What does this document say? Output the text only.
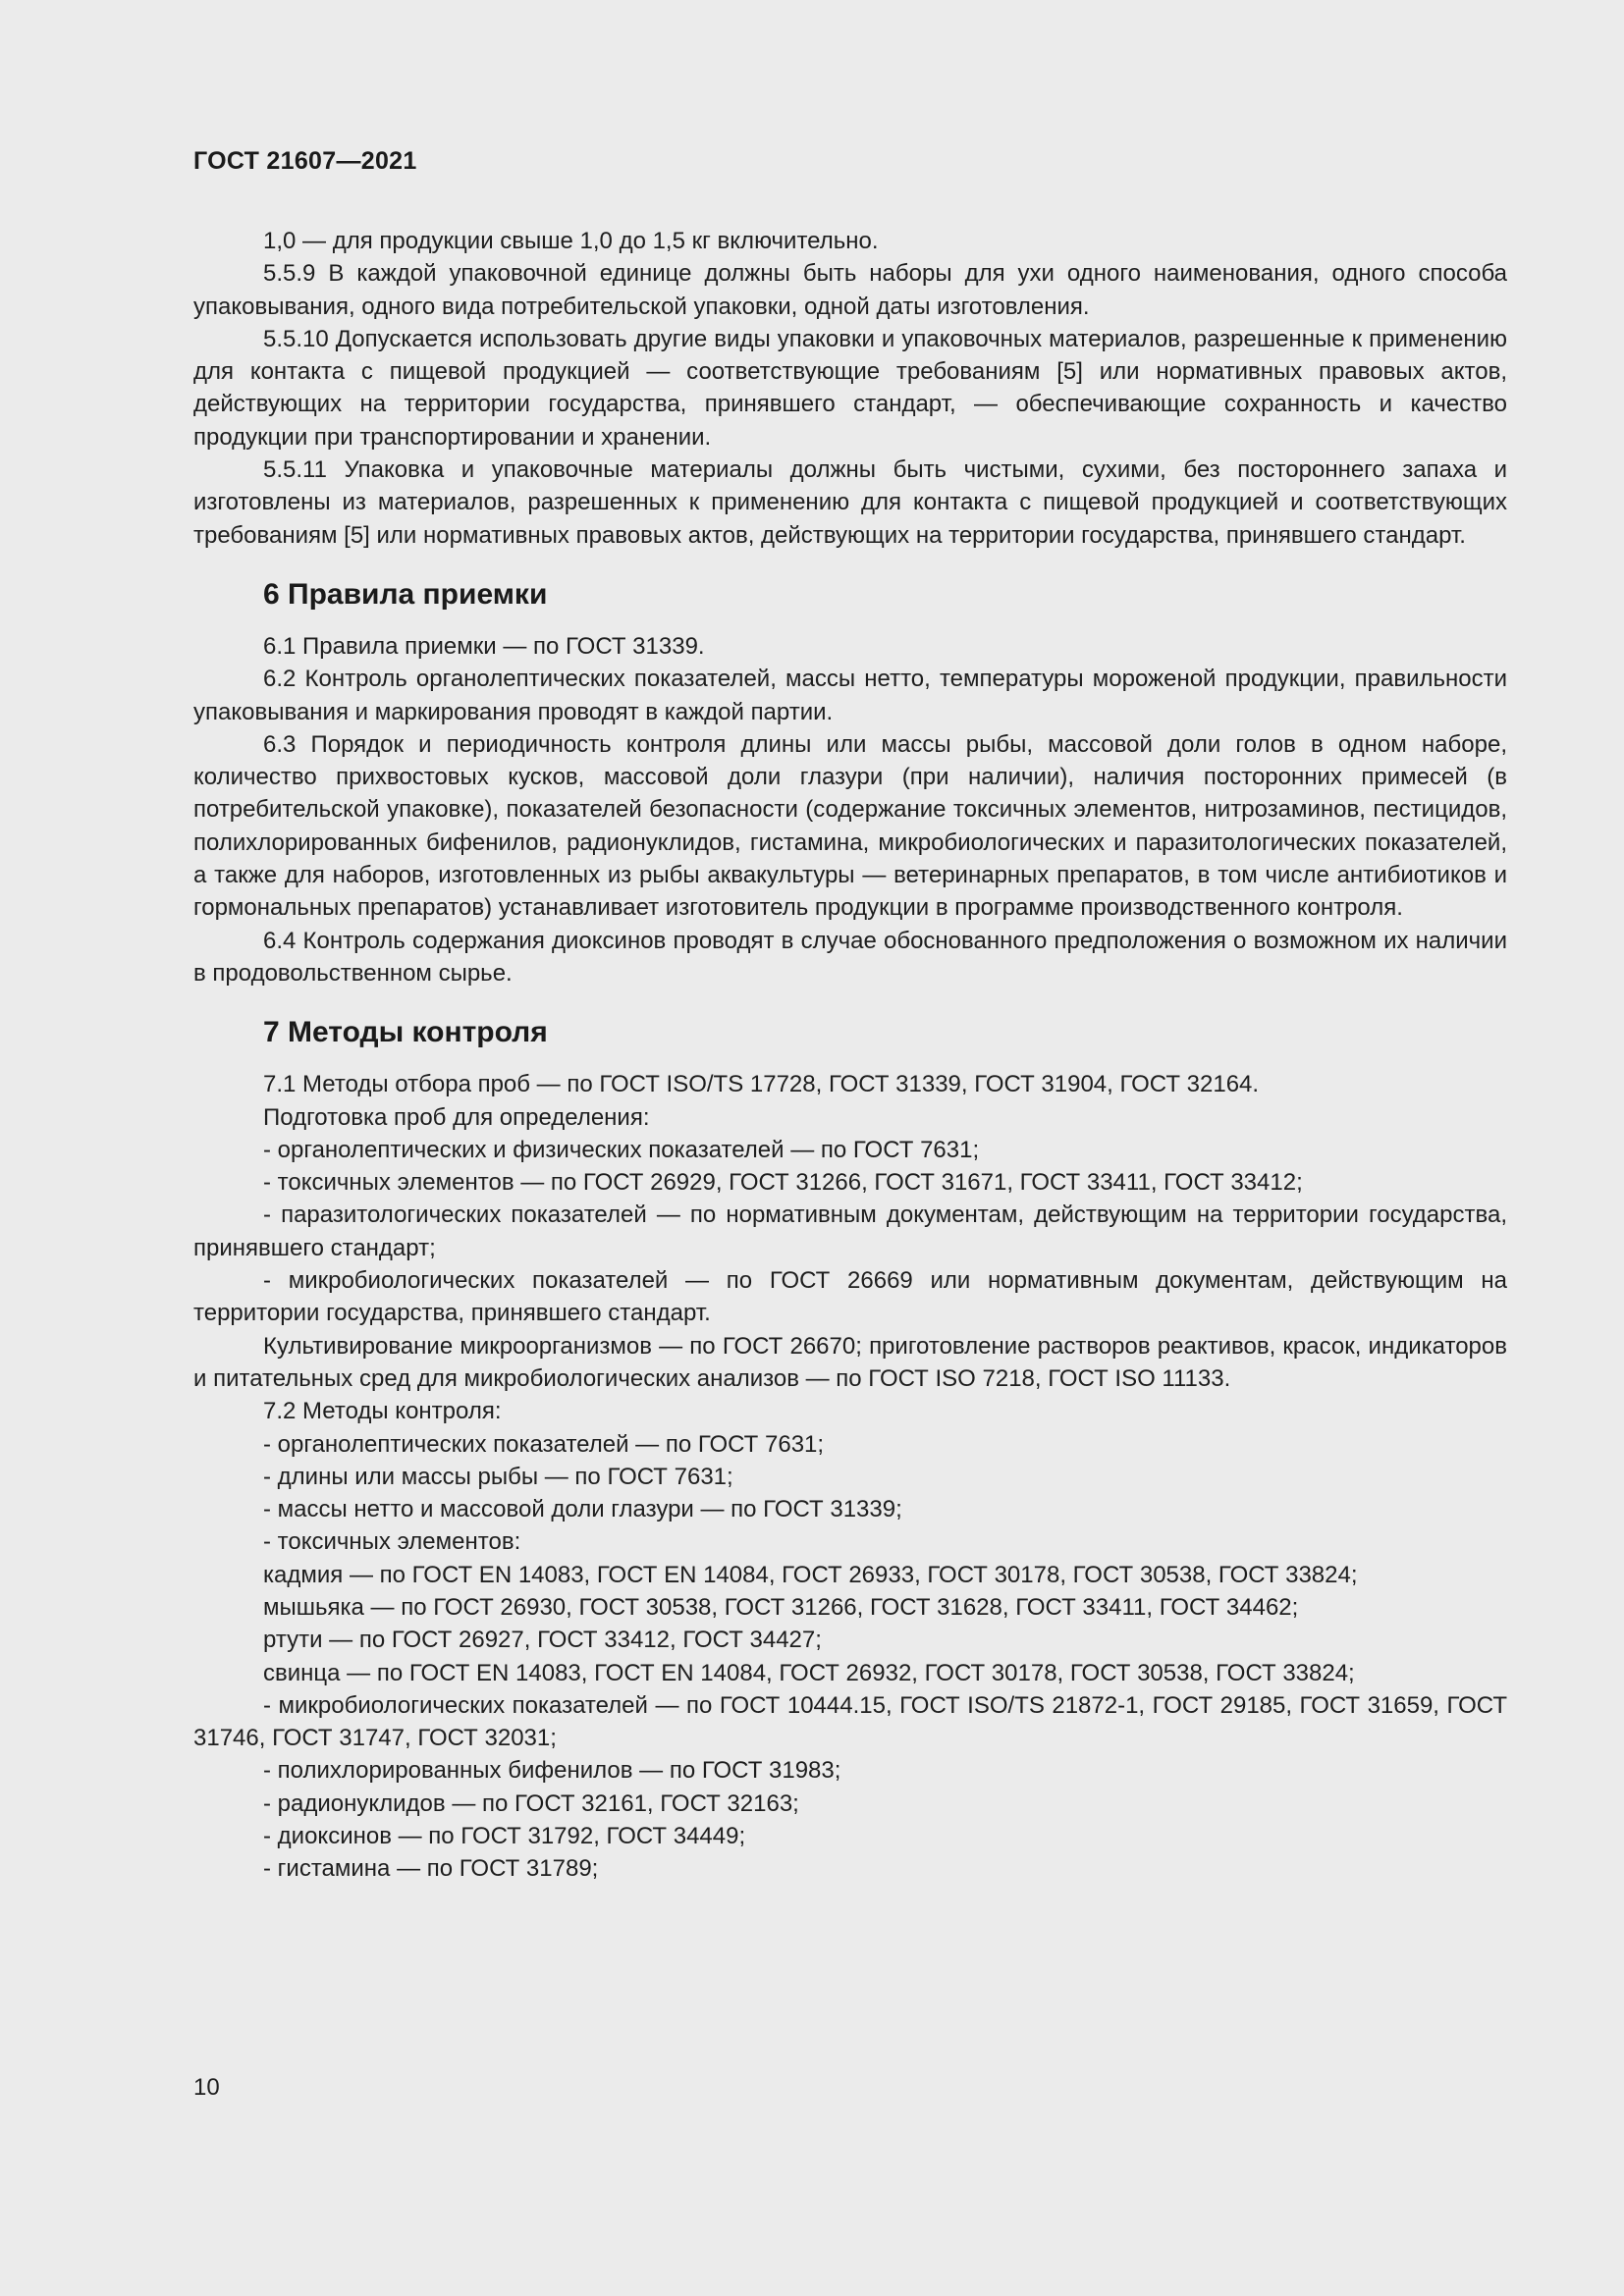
ГОСТ 21607—2021

1,0 — для продукции свыше 1,0 до 1,5 кг включительно.

5.5.9 В каждой упаковочной единице должны быть наборы для ухи одного наименования, одного способа упаковывания, одного вида потребительской упаковки, одной даты изготовления.

5.5.10 Допускается использовать другие виды упаковки и упаковочных материалов, разрешенные к применению для контакта с пищевой продукцией — соответствующие требованиям [5] или нормативных правовых актов, действующих на территории государства, принявшего стандарт, — обеспечивающие сохранность и качество продукции при транспортировании и хранении.

5.5.11 Упаковка и упаковочные материалы должны быть чистыми, сухими, без постороннего запаха и изготовлены из материалов, разрешенных к применению для контакта с пищевой продукцией и соответствующих требованиям [5] или нормативных правовых актов, действующих на территории государства, принявшего стандарт.

6 Правила приемки

6.1 Правила приемки — по ГОСТ 31339.

6.2 Контроль органолептических показателей, массы нетто, температуры мороженой продукции, правильности упаковывания и маркирования проводят в каждой партии.

6.3 Порядок и периодичность контроля длины или массы рыбы, массовой доли голов в одном наборе, количество прихвостовых кусков, массовой доли глазури (при наличии), наличия посторонних примесей (в потребительской упаковке), показателей безопасности (содержание токсичных элементов, нитрозаминов, пестицидов, полихлорированных бифенилов, радионуклидов, гистамина, микробиологических и паразитологических показателей, а также для наборов, изготовленных из рыбы аквакультуры — ветеринарных препаратов, в том числе антибиотиков и гормональных препаратов) устанавливает изготовитель продукции в программе производственного контроля.

6.4 Контроль содержания диоксинов проводят в случае обоснованного предположения о возможном их наличии в продовольственном сырье.

7 Методы контроля

7.1 Методы отбора проб — по ГОСТ ISO/TS 17728, ГОСТ 31339, ГОСТ 31904, ГОСТ 32164.

Подготовка проб для определения:

- органолептических и физических показателей — по ГОСТ 7631;

- токсичных элементов — по ГОСТ 26929, ГОСТ 31266, ГОСТ 31671, ГОСТ 33411, ГОСТ 33412;

- паразитологических показателей — по нормативным документам, действующим на территории государства, принявшего стандарт;

- микробиологических показателей — по ГОСТ 26669 или нормативным документам, действующим на территории государства, принявшего стандарт.

Культивирование микроорганизмов — по ГОСТ 26670; приготовление растворов реактивов, красок, индикаторов и питательных сред для микробиологических анализов — по ГОСТ ISO 7218, ГОСТ ISO 11133.

7.2 Методы контроля:

- органолептических показателей — по ГОСТ 7631;

- длины или массы рыбы — по ГОСТ 7631;

- массы нетто и массовой доли глазури — по ГОСТ 31339;

- токсичных элементов:

кадмия — по ГОСТ EN 14083, ГОСТ EN 14084, ГОСТ 26933, ГОСТ 30178, ГОСТ 30538, ГОСТ 33824;

мышьяка — по ГОСТ 26930, ГОСТ 30538, ГОСТ 31266, ГОСТ 31628, ГОСТ 33411, ГОСТ 34462;

ртути — по ГОСТ 26927, ГОСТ 33412, ГОСТ 34427;

свинца — по ГОСТ EN 14083, ГОСТ EN 14084, ГОСТ 26932, ГОСТ 30178, ГОСТ 30538, ГОСТ 33824;

- микробиологических показателей — по ГОСТ 10444.15, ГОСТ ISO/TS 21872-1, ГОСТ 29185, ГОСТ 31659, ГОСТ 31746, ГОСТ 31747, ГОСТ 32031;

- полихлорированных бифенилов — по ГОСТ 31983;

- радионуклидов — по ГОСТ 32161, ГОСТ 32163;

- диоксинов — по ГОСТ 31792, ГОСТ 34449;

- гистамина — по ГОСТ 31789;

10
